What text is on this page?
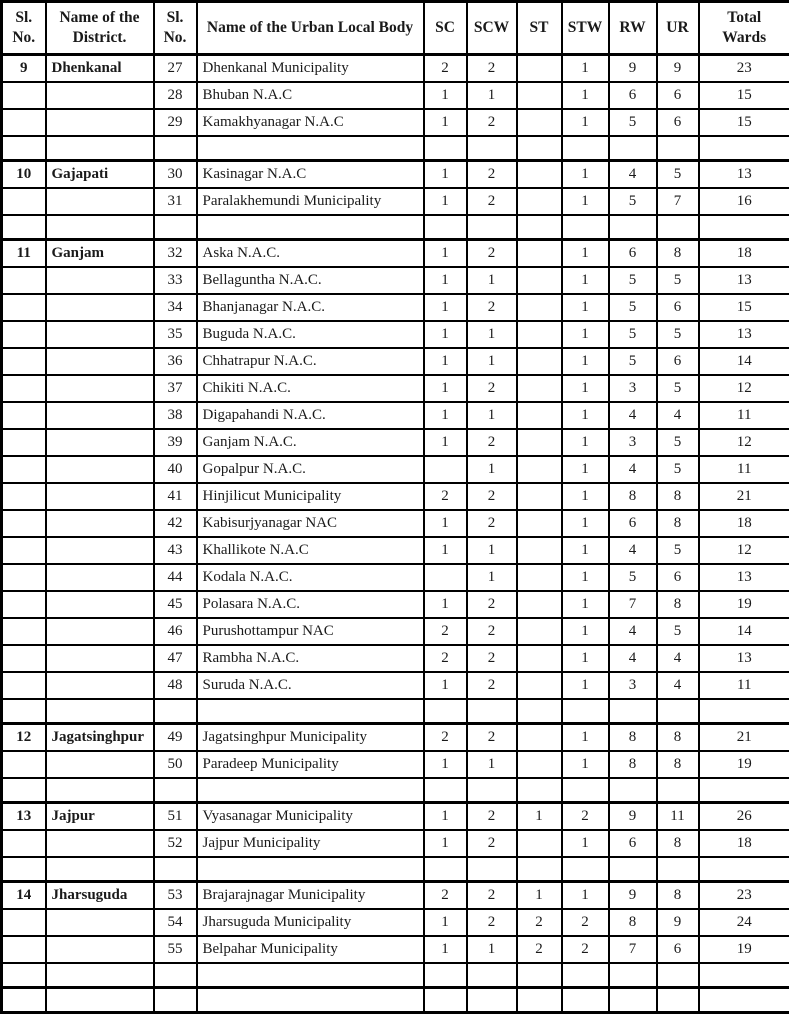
Sl. No.	Name of the District.	Sl. No.	Name of the Urban Local Body	SC	SCW	ST	STW	RW	UR	Total Wards
9	Dhenkanal	27	Dhenkanal Municipality	2	2		1	9	9	23
		28	Bhuban N.A.C	1	1		1	6	6	15
		29	Kamakhyanagar N.A.C	1	2		1	5	6	15

10	Gajapati	30	Kasinagar N.A.C	1	2		1	4	5	13
		31	Paralakhemundi Municipality	1	2		1	5	7	16

11	Ganjam	32	Aska N.A.C.	1	2		1	6	8	18
		33	Bellaguntha N.A.C.	1	1		1	5	5	13
		34	Bhanjanagar N.A.C.	1	2		1	5	6	15
		35	Buguda N.A.C.	1	1		1	5	5	13
		36	Chhatrapur N.A.C.	1	1		1	5	6	14
		37	Chikiti N.A.C.	1	2		1	3	5	12
		38	Digapahandi N.A.C.	1	1		1	4	4	11
		39	Ganjam N.A.C.	1	2		1	3	5	12
		40	Gopalpur N.A.C.		1		1	4	5	11
		41	Hinjilicut Municipality	2	2		1	8	8	21
		42	Kabisurjyanagar NAC	1	2		1	6	8	18
		43	Khallikote N.A.C	1	1		1	4	5	12
		44	Kodala N.A.C.		1		1	5	6	13
		45	Polasara N.A.C.	1	2		1	7	8	19
		46	Purushottampur NAC	2	2		1	4	5	14
		47	Rambha N.A.C.	2	2		1	4	4	13
		48	Suruda N.A.C.	1	2		1	3	4	11

12	Jagatsinghpur	49	Jagatsinghpur Municipality	2	2		1	8	8	21
		50	Paradeep Municipality	1	1		1	8	8	19

13	Jajpur	51	Vyasanagar Municipality	1	2	1	2	9	11	26
		52	Jajpur Municipality	1	2		1	6	8	18

14	Jharsuguda	53	Brajarajnagar Municipality	2	2	1	1	9	8	23
		54	Jharsuguda Municipality	1	2	2	2	8	9	24
		55	Belpahar Municipality	1	1	2	2	7	6	19
